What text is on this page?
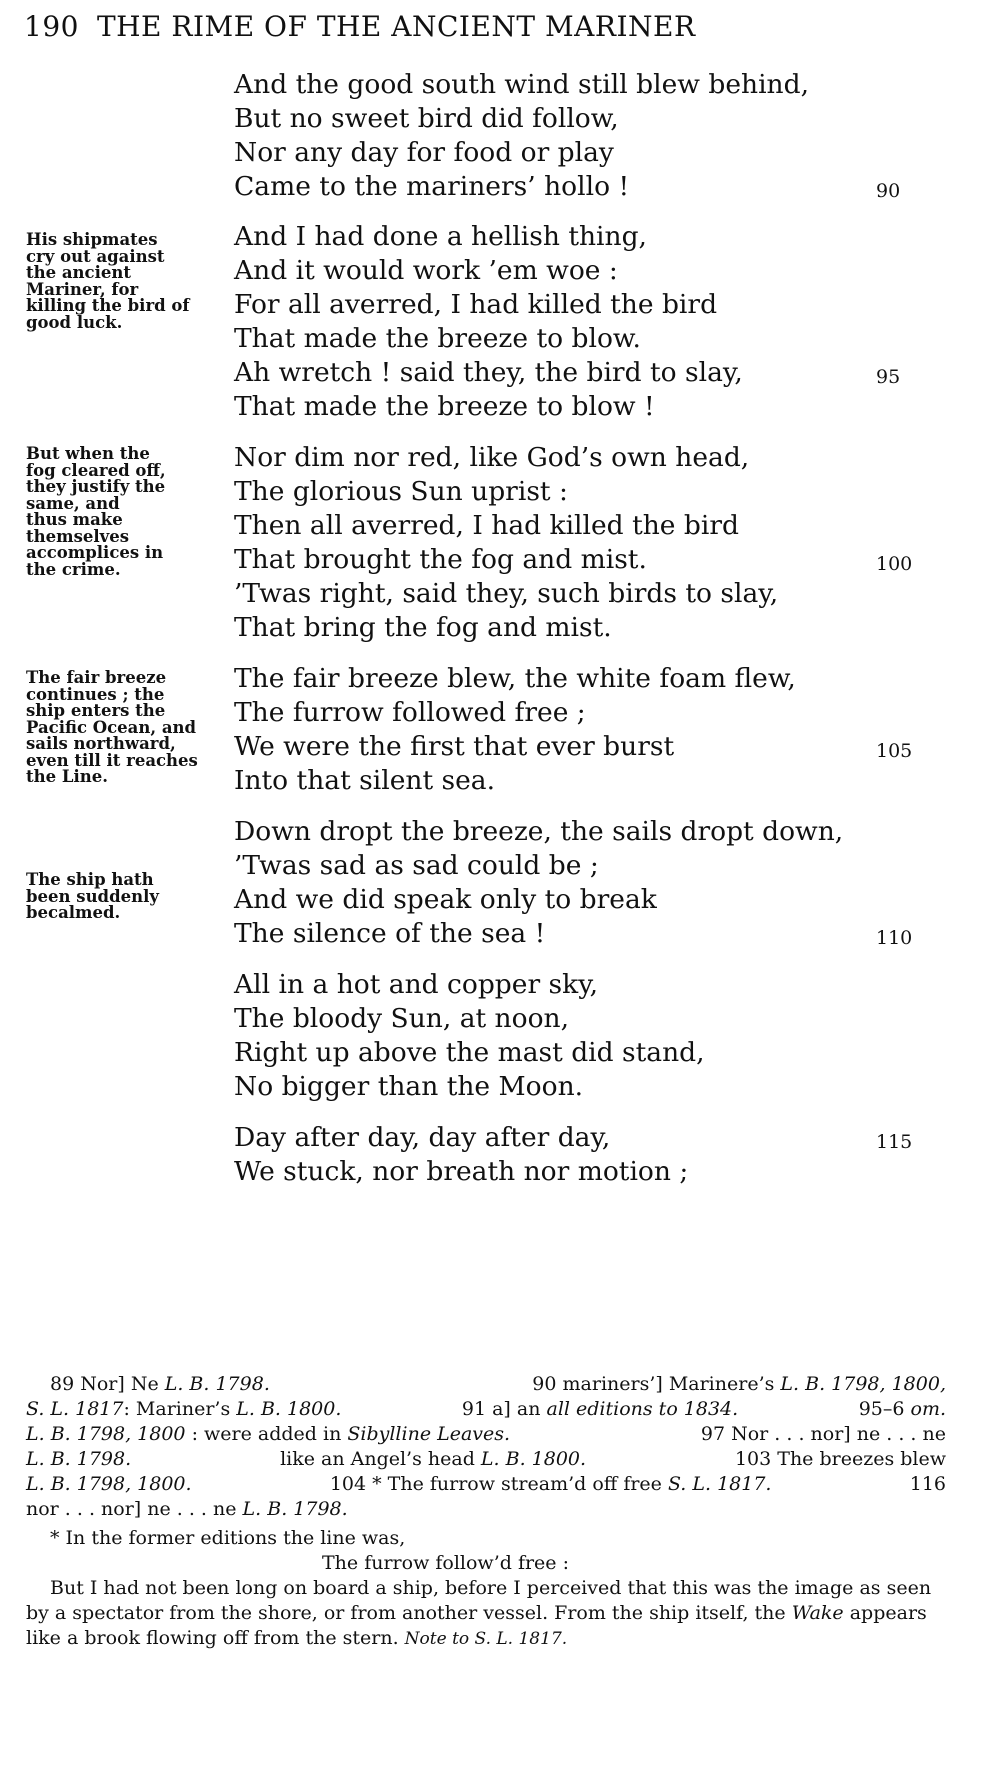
190 THE RIME OF THE ANCIENT MARINER
And the good south wind still blew behind,
But no sweet bird did follow,
Nor any day for food or play
Came to the mariners’ hollo !	90
And I had done a hellish thing,
And it would work ’em woe :
For all averred, I had killed the bird
That made the breeze to blow.
Ah wretch ! said they, the bird to slay,
That made the breeze to blow !
95
Nor dim nor red, like God’s own head,
The glorious Sun uprist :
Then all averred, I had killed the bird
That brought the fog and mist.
’Twas right, said they, such birds to slay,
That bring the fog and mist.
100
The fair breeze blew, the white foam flew,
The furrow followed free ;
We were the first that ever burst
Into that silent sea.
105
Down dropt the breeze, the sails dropt down,
’Twas sad as sad could be ;
And we did speak only to break
The silence of the sea !	110
All in a hot and copper sky,
The bloody Sun, at noon,
Right up above the mast did stand,
No bigger than the Moon.
Day after day, day after day,
We stuck, nor breath nor motion ;
115
His shipmates cry out against the ancient Mariner, for killing the bird of good luck.
But when the fog cleared off, they justify the same, and thus make themselves accomplices in the crime.
The fair breeze continues ; the ship enters the Pacific Ocean, and sails northward, even till it reaches the Line.
The ship hath been suddenly becalmed.
89 Nor] Ne L. B. 1798.	90 mariners’] Marinere’s L. B. 1798, 1800,
S. L. 1817: Mariner’s L. B. 1800.	91 a] an all editions to 1834.	95–6 om.
L. B. 1798, 1800 : were added in Sibylline Leaves.	97 Nor . . . nor] ne . . . ne
L. B. 1798.	like an Angel’s head L. B. 1800.	103 The breezes blew
L. B. 1798, 1800.	104 * The furrow stream’d off free S. L. 1817.	116
nor . . . nor] ne . . . ne L. B. 1798.
* In the former editions the line was,
The furrow follow’d free :
But I had not been long on board a ship, before I perceived that this was the image as seen by a spectator from the shore, or from another vessel. From the ship itself, the Wake appears like a brook flowing off from the stern. Note to S. L. 1817.
